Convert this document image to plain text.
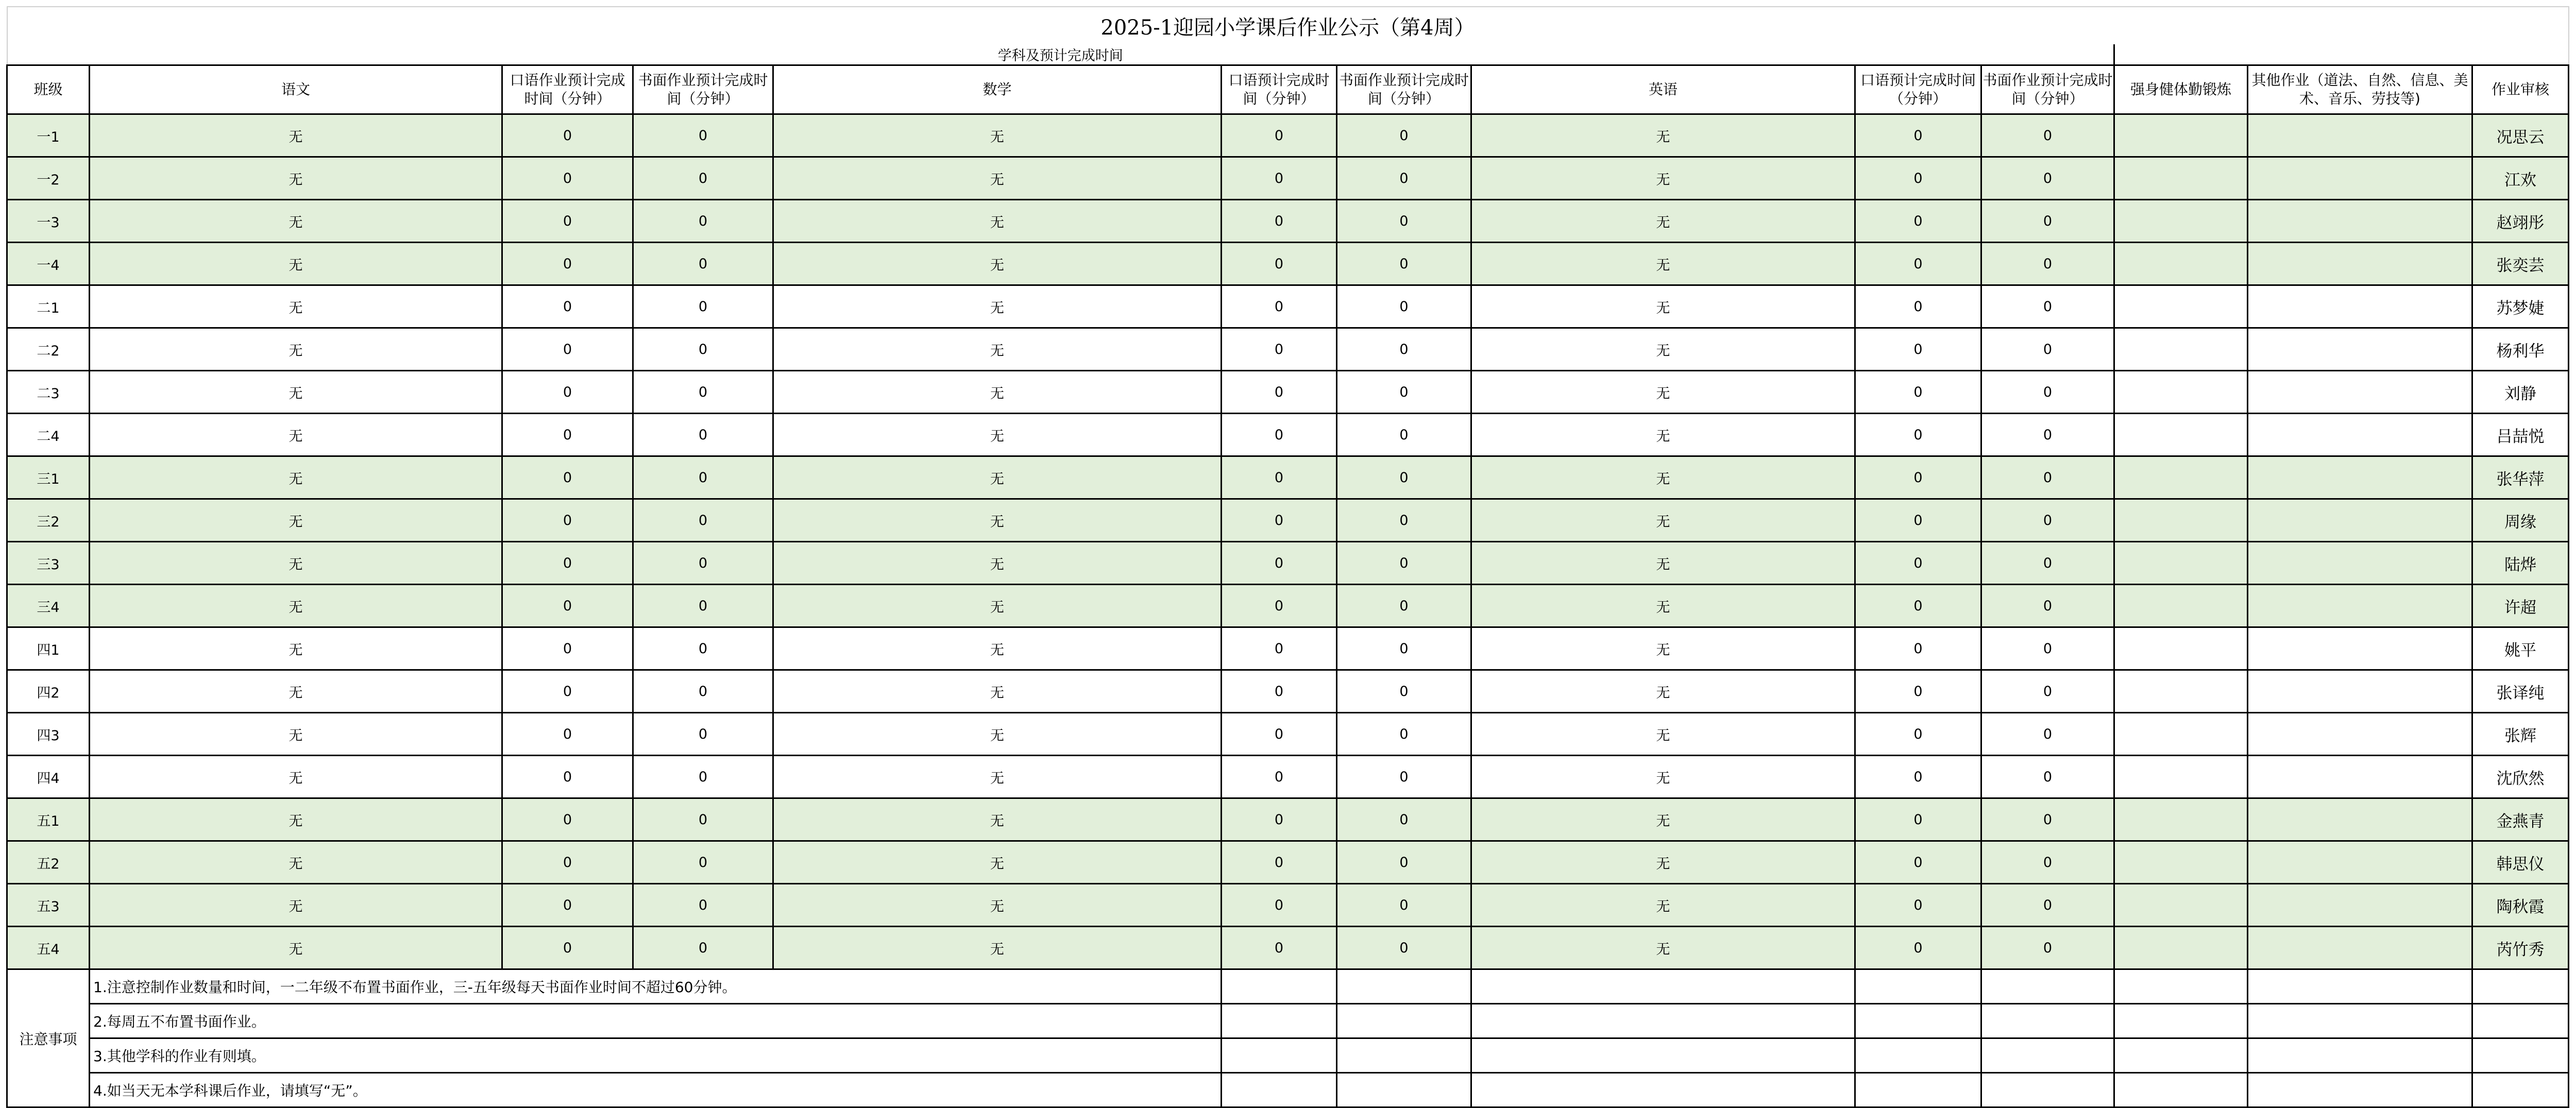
2025-1迎园小学课后作业公示（第4周）												
学科及预计完成时间												
班级	语文	口语作业预计完成时间（分钟）	书面作业预计完成时间（分钟）	数学	口语预计完成时间（分钟）	书面作业预计完成时间（分钟）	英语	口语预计完成时间（分钟）	书面作业预计完成时间（分钟）	强身健体勤锻炼	其他作业（道法、自然、信息、美术、音乐、劳技等)	作业审核
一1	无	0	0	无	0	0	无	0	0			况思云
一2	无	0	0	无	0	0	无	0	0			江欢
一3	无	0	0	无	0	0	无	0	0			赵翊彤
一4	无	0	0	无	0	0	无	0	0			张奕芸
二1	无	0	0	无	0	0	无	0	0			苏梦婕
二2	无	0	0	无	0	0	无	0	0			杨利华
二3	无	0	0	无	0	0	无	0	0			刘静
二4	无	0	0	无	0	0	无	0	0			吕喆悦
三1	无	0	0	无	0	0	无	0	0			张华萍
三2	无	0	0	无	0	0	无	0	0			周缘
三3	无	0	0	无	0	0	无	0	0			陆烨
三4	无	0	0	无	0	0	无	0	0			许超
四1	无	0	0	无	0	0	无	0	0			姚平
四2	无	0	0	无	0	0	无	0	0			张译纯
四3	无	0	0	无	0	0	无	0	0			张辉
四4	无	0	0	无	0	0	无	0	0			沈欣然
五1	无	0	0	无	0	0	无	0	0			金燕青
五2	无	0	0	无	0	0	无	0	0			韩思仪
五3	无	0	0	无	0	0	无	0	0			陶秋霞
五4	无	0	0	无	0	0	无	0	0			芮竹秀
注意事项	1.注意控制作业数量和时间，一二年级不布置书面作业，三-五年级每天书面作业时间不超过60分钟。											
	2.每周五不布置书面作业。											
	3.其他学科的作业有则填。											
	4.如当天无本学科课后作业，请填写“无”。											
